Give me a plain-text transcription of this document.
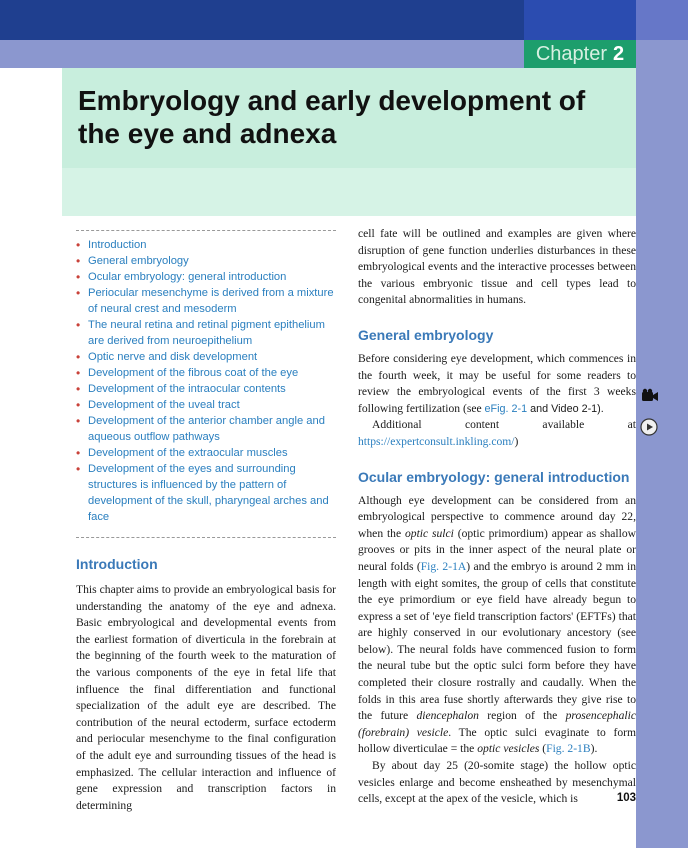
Chapter 2
Embryology and early development of
the eye and adnexa
• Introduction
• General embryology
• Ocular embryology: general introduction
• Periocular mesenchyme is derived from a mixture of neural crest and mesoderm
• The neural retina and retinal pigment epithelium are derived from neuroepithelium
• Optic nerve and disk development
• Development of the fibrous coat of the eye
• Development of the intraocular contents
• Development of the uveal tract
• Development of the anterior chamber angle and aqueous outflow pathways
• Development of the extraocular muscles
• Development of the eyes and surrounding structures is influenced by the pattern of development of the skull, pharyngeal arches and face
Introduction

This chapter aims to provide an embryological basis for understanding the anatomy of the eye and adnexa. Basic embryological and developmental events from the earliest formation of diverticula in the forebrain at the beginning of the fourth week to the maturation of the various components of the eye in fetal life that influence the final differentiation and functional specialization of the adult eye are described. The contribution of the neural ectoderm, surface ectoderm and periocular mesenchyme to the final configuration of the adult eye and surrounding tissues of the head is emphasized. The cellular interaction and influence of gene expression and transcription factors in determining

cell fate will be outlined and examples are given where disruption of gene function underlies disturbances in these embryological events and the interactive processes between the various embryonic tissue and cell types lead to congenital abnormalities in humans.

General embryology

Before considering eye development, which commences in the fourth week, it may be useful for some readers to review the embryological events of the first 3 weeks following fertilization (see eFig. 2-1 and Video 2-1).

Additional content available at https://expertconsult.inkling.com/)

Ocular embryology: general introduction

Although eye development can be considered from an embryological perspective to commence around day 22, when the optic sulci (optic primordium) appear as shallow grooves or pits in the inner aspect of the neural plate or neural folds (Fig. 2-1A) and the embryo is around 2 mm in length with eight somites, the group of cells that constitute the eye primordium or eye field have already begun to express a set of 'eye field transcription factors' (EFTFs) that are highly conserved in our evolutionary ancestory (see below). The neural folds have commenced fusion to form the neural tube but the optic sulci form before they have completed their closure rostrally and caudally. When the folds in this area fuse shortly afterwards they give rise to the future diencephalon region of the prosencephalic (forebrain) vesicle. The optic sulci evaginate to form hollow diverticulae = the optic vesicles (Fig. 2-1B).

By about day 25 (20-somite stage) the hollow optic vesicles enlarge and become ensheathed by mesenchymal cells, except at the apex of the vesicle, which is	103
